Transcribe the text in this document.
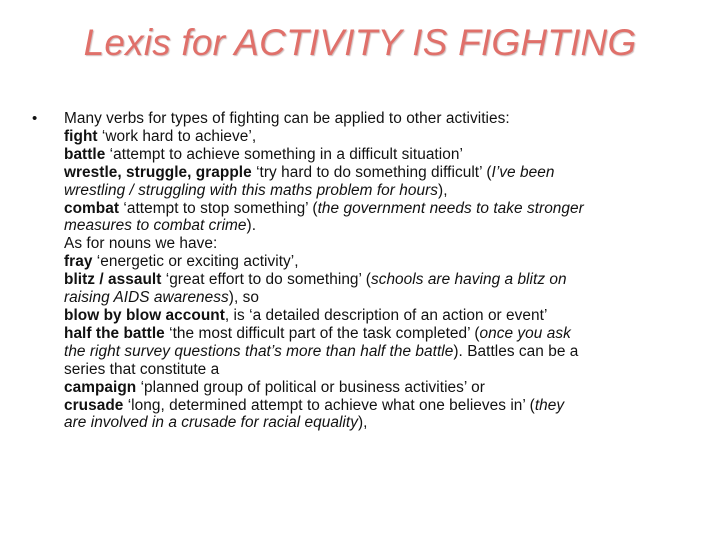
Lexis for ACTIVITY IS FIGHTING
• Many verbs for types of fighting can be applied to other activities:
fight ‘work hard to achieve’,
battle ‘attempt to achieve something in a difficult situation’
wrestle, struggle, grapple ‘try hard to do something difficult’ (I’ve been
wrestling / struggling with this maths problem for hours),
combat ‘attempt to stop something’ (the government needs to take stronger
measures to combat crime).
As for nouns we have:
fray ‘energetic or exciting activity’,
blitz / assault ‘great effort to do something’ (schools are having a blitz on
raising AIDS awareness), so
blow by blow account, is ‘a detailed description of an action or event’
half the battle ‘the most difficult part of the task completed’ (once you ask
the right survey questions that’s more than half the battle). Battles can be a
series that constitute a
campaign ‘planned group of political or business activities’ or
crusade ‘long, determined attempt to achieve what one believes in’ (they
are involved in a crusade for racial equality),
